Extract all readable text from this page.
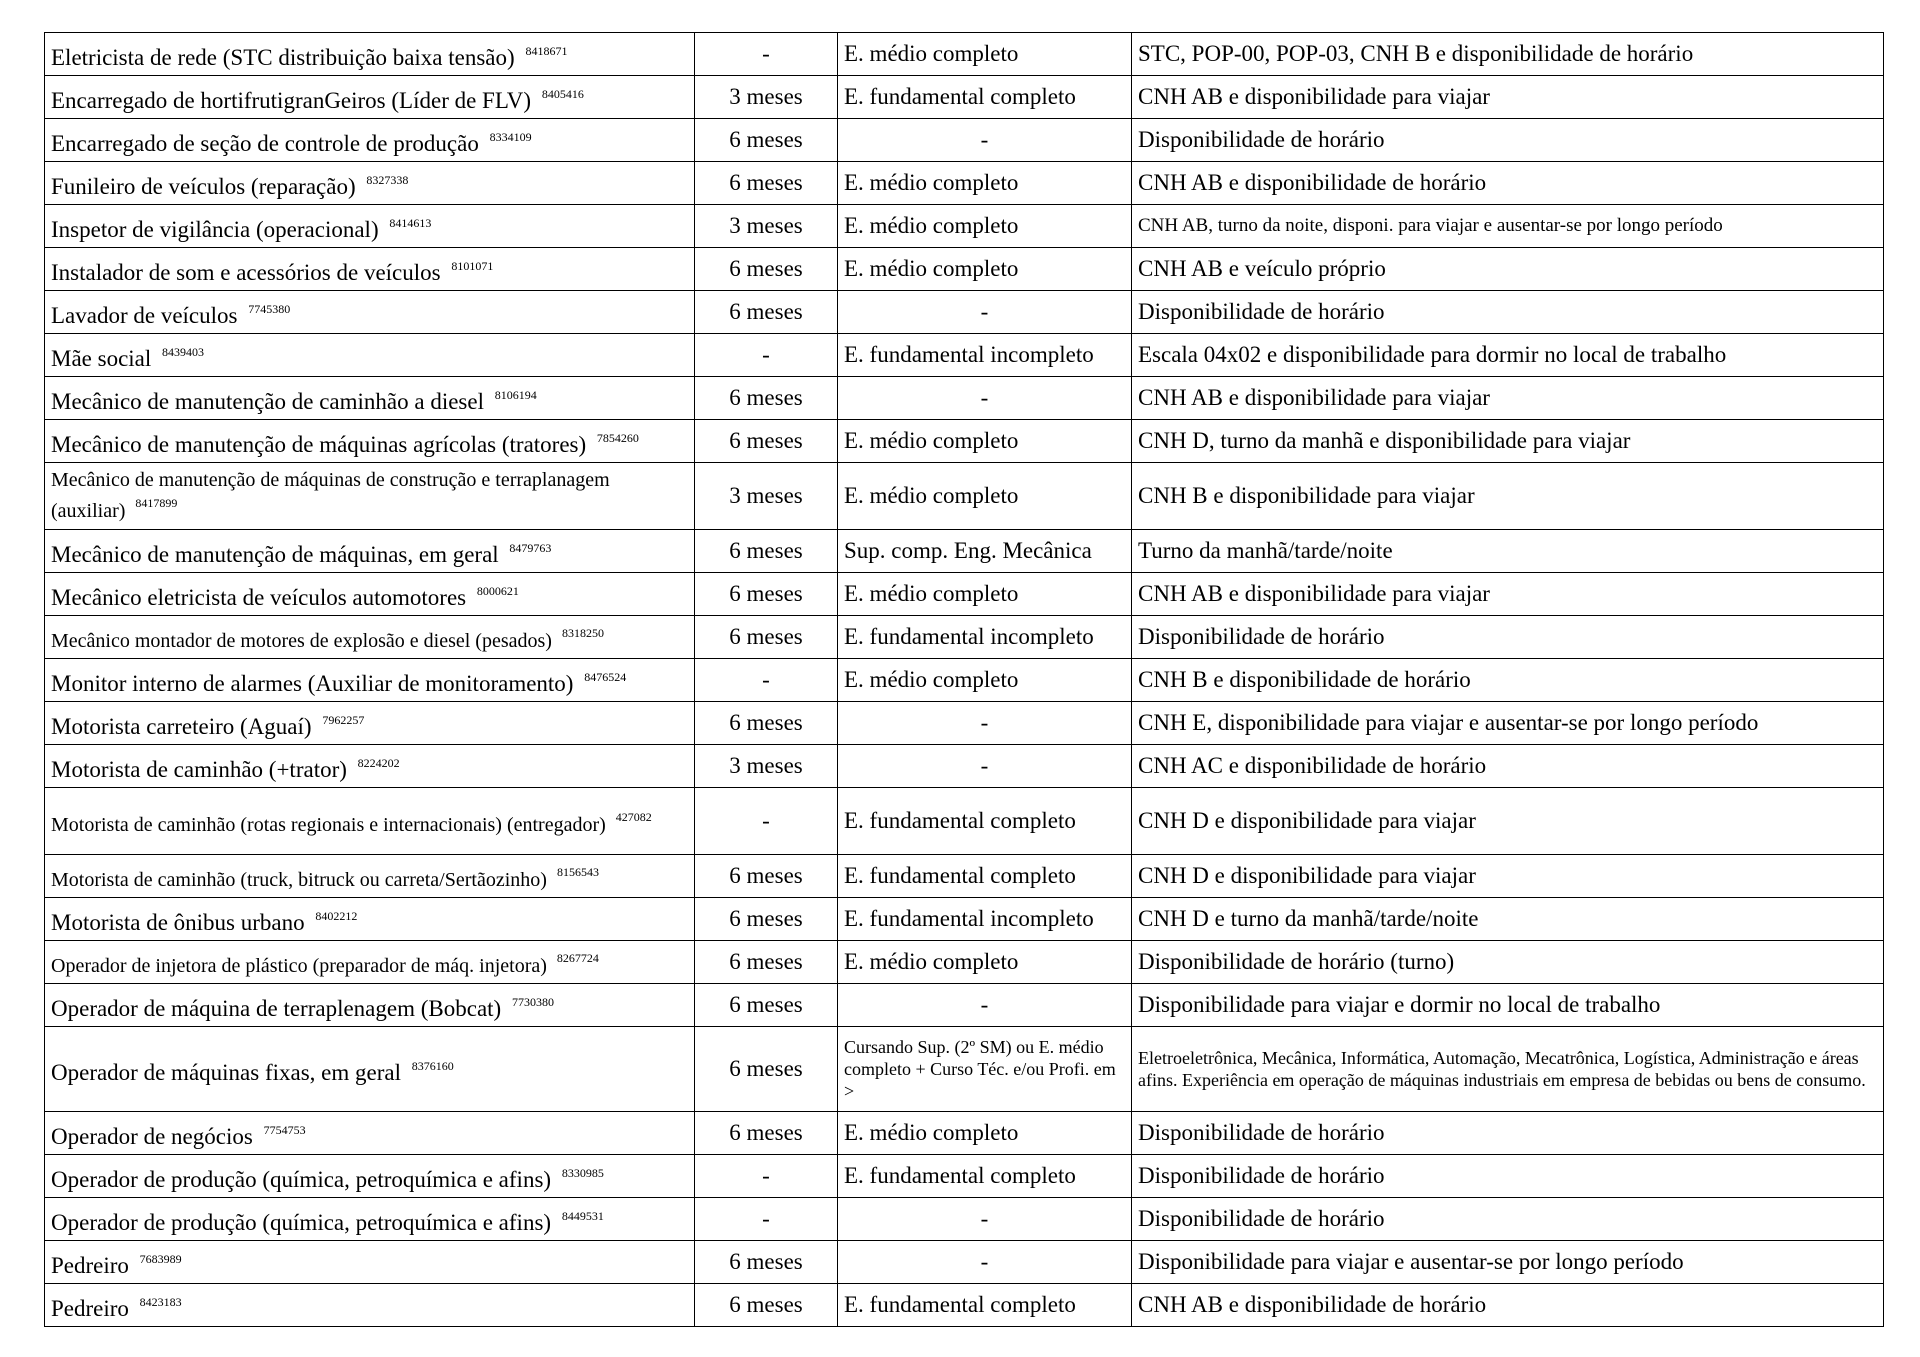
Eletricista de rede (STC distribuição baixa tensão) $^{8418671}$	-	E. médio completo	STC, POP-00, POP-03, CNH B e disponibilidade de horário
Encarregado de hortifrutigranGeiros (Líder de FLV) $^{8405416}$	3 meses	E. fundamental completo	CNH AB e disponibilidade para viajar
Encarregado de seção de controle de produção $^{8334109}$	6 meses	-	Disponibilidade de horário
Funileiro de veículos (reparação) $^{8327338}$	6 meses	E. médio completo	CNH AB e disponibilidade de horário
Inspetor de vigilância (operacional) $^{8414613}$	3 meses	E. médio completo	CNH AB, turno da noite, disponi. para viajar e ausentar-se por longo período
Instalador de som e acessórios de veículos $^{8101071}$	6 meses	E. médio completo	CNH AB e veículo próprio
Lavador de veículos $^{7745380}$	6 meses	-	Disponibilidade de horário
Mãe social $^{8439403}$	-	E. fundamental incompleto	Escala 04x02 e disponibilidade para dormir no local de trabalho
Mecânico de manutenção de caminhão a diesel $^{8106194}$	6 meses	-	CNH AB e disponibilidade para viajar
Mecânico de manutenção de máquinas agrícolas (tratores) $^{7854260}$	6 meses	E. médio completo	CNH D, turno da manhã e disponibilidade para viajar
Mecânico de manutenção de máquinas de construção e terraplanagem (auxiliar) $^{8417899}$	3 meses	E. médio completo	CNH B e disponibilidade para viajar
Mecânico de manutenção de máquinas, em geral $^{8479763}$	6 meses	Sup. comp. Eng. Mecânica	Turno da manhã/tarde/noite
Mecânico eletricista de veículos automotores $^{8000621}$	6 meses	E. médio completo	CNH AB e disponibilidade para viajar
Mecânico montador de motores de explosão e diesel (pesados) $^{8318250}$	6 meses	E. fundamental incompleto	Disponibilidade de horário
Monitor interno de alarmes (Auxiliar de monitoramento) $^{8476524}$	-	E. médio completo	CNH B e disponibilidade de horário
Motorista carreteiro (Aguaí) $^{7962257}$	6 meses	-	CNH E, disponibilidade para viajar e ausentar-se por longo período
Motorista de caminhão (+trator) $^{8224202}$	3 meses	-	CNH AC e disponibilidade de horário
Motorista de caminhão (rotas regionais e internacionais) (entregador) $^{427082}$	-	E. fundamental completo	CNH D e disponibilidade para viajar
Motorista de caminhão (truck, bitruck ou carreta/Sertãozinho) $^{8156543}$	6 meses	E. fundamental completo	CNH D e disponibilidade para viajar
Motorista de ônibus urbano $^{8402212}$	6 meses	E. fundamental incompleto	CNH D e turno da manhã/tarde/noite
Operador de injetora de plástico (preparador de máq. injetora) $^{8267724}$	6 meses	E. médio completo	Disponibilidade de horário (turno)
Operador de máquina de terraplenagem (Bobcat) $^{7730380}$	6 meses	-	Disponibilidade para viajar e dormir no local de trabalho
Operador de máquinas fixas, em geral $^{8376160}$	6 meses	Cursando Sup. (2º SM) ou E. médio completo + Curso Téc. e/ou Profi. em >	Eletroeletrônica, Mecânica, Informática, Automação, Mecatrônica, Logística, Administração e áreas afins. Experiência em operação de máquinas industriais em empresa de bebidas ou bens de consumo.
Operador de negócios $^{7754753}$	6 meses	E. médio completo	Disponibilidade de horário
Operador de produção (química, petroquímica e afins) $^{8330985}$	-	E. fundamental completo	Disponibilidade de horário
Operador de produção (química, petroquímica e afins) $^{8449531}$	-	-	Disponibilidade de horário
Pedreiro $^{7683989}$	6 meses	-	Disponibilidade para viajar e ausentar-se por longo período
Pedreiro $^{8423183}$	6 meses	E. fundamental completo	CNH AB e disponibilidade de horário
